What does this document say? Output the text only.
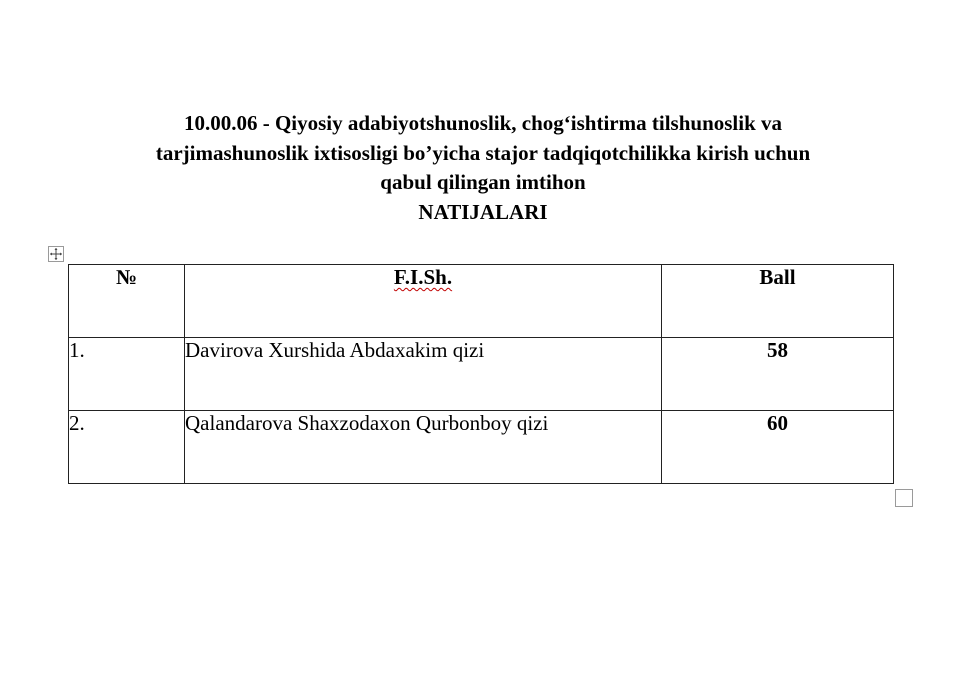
10.00.06 - Qiyosiy adabiyotshunoslik, chog‘ishtirma tilshunoslik va
tarjimashunoslik ixtisosligi bo’yicha stajor tadqiqotchilikka kirish uchun
qabul qilingan imtihon
NATIJALARI
№	F.I.Sh.	Ball
1.	Davirova Xurshida Abdaxakim qizi	58
2.	Qalandarova Shaxzodaxon Qurbonboy qizi	60
